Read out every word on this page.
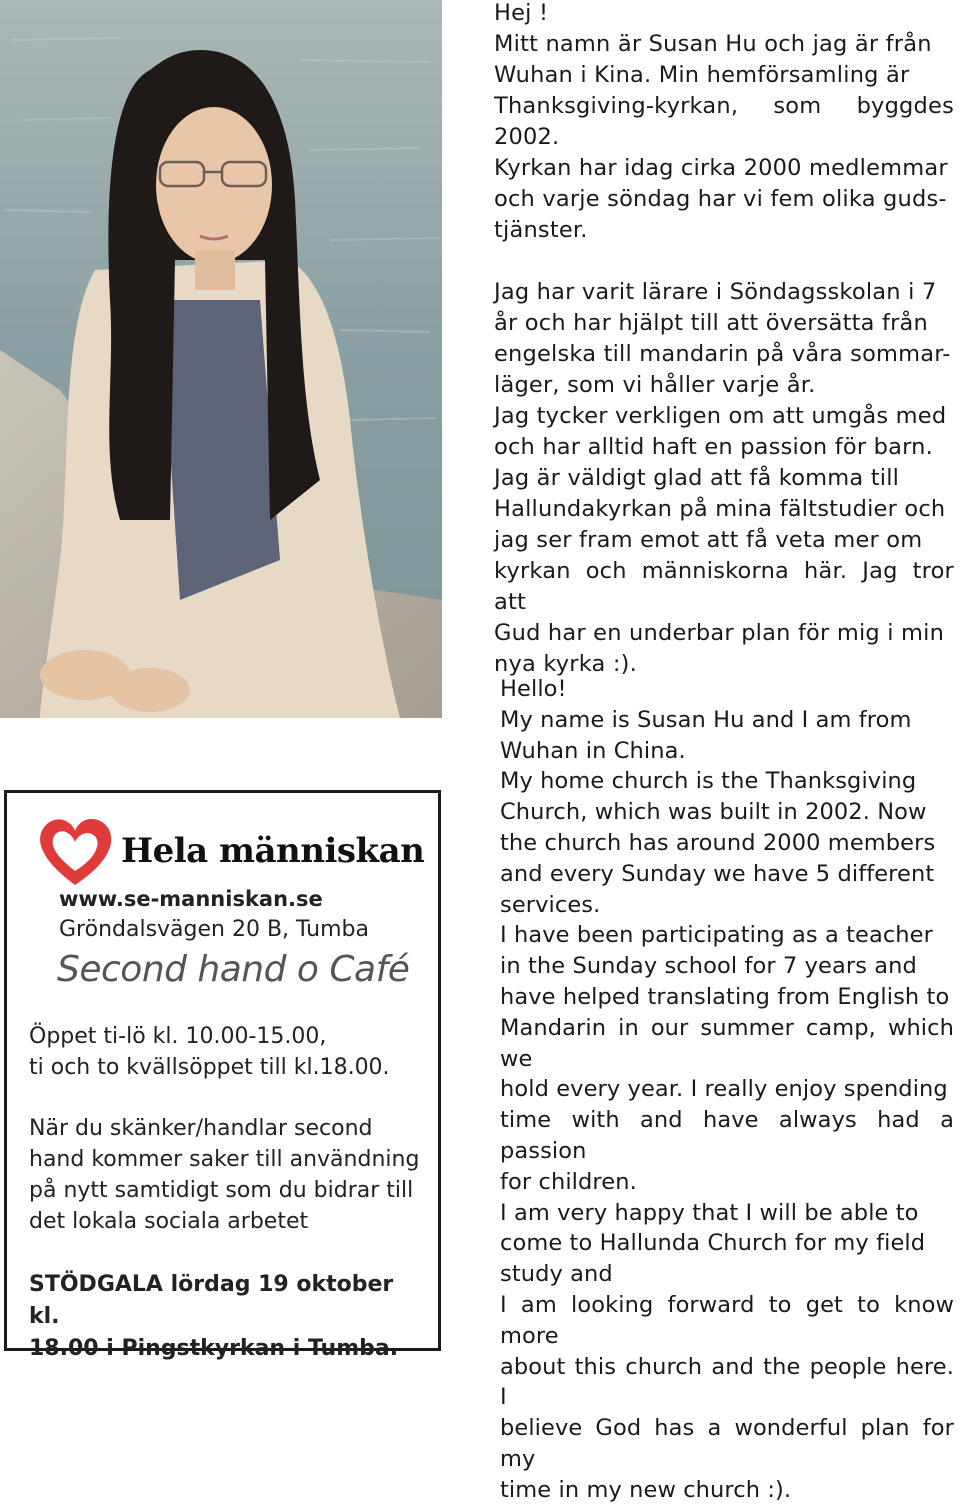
Hej !

Mitt namn är Susan Hu och jag är från

Wuhan i Kina. Min hemförsamling är

Thanksgiving-kyrkan, som byggdes 2002.

Kyrkan har idag cirka 2000 medlemmar

och varje söndag har vi fem olika guds-

tjänster.

Jag har varit lärare i Söndagsskolan i 7

år och har hjälpt till att översätta från

engelska till mandarin på våra sommar-

läger, som vi håller varje år.

Jag tycker verkligen om att umgås med

och har alltid haft en passion för barn.

Jag är väldigt glad att få komma till

Hallundakyrkan på mina fältstudier och

jag ser fram emot att få veta mer om

kyrkan och människorna här. Jag tror att

Gud har en underbar plan för mig i min

nya kyrka :).

Hello!

My name is Susan Hu and I am from

Wuhan in China.

My home church is the Thanksgiving

Church, which was built in 2002. Now

the church has around 2000 members

and every Sunday we have 5 different

services.

I have been participating as a teacher

in the Sunday school for 7 years and

have helped translating from English to

Mandarin in our summer camp, which we

hold every year. I really enjoy spending

time with and have always had a passion

for children.

I am very happy that I will be able to

come to Hallunda Church for my field

study and

I am looking forward to get to know more

about this church and the people here. I

believe God has a wonderful plan for my

time in my new church :).

Hela människan
www.se-manniskan.se
Gröndalsvägen 20 B, Tumba
Second hand o Café

Öppet ti-lö kl. 10.00-15.00,

ti och to kvällsöppet till kl.18.00.

När du skänker/handlar second

hand kommer saker till användning

på nytt samtidigt som du bidrar till

det lokala sociala arbetet

STÖDGALA lördag 19 oktober kl.

18.00 i Pingstkyrkan i Tumba.
